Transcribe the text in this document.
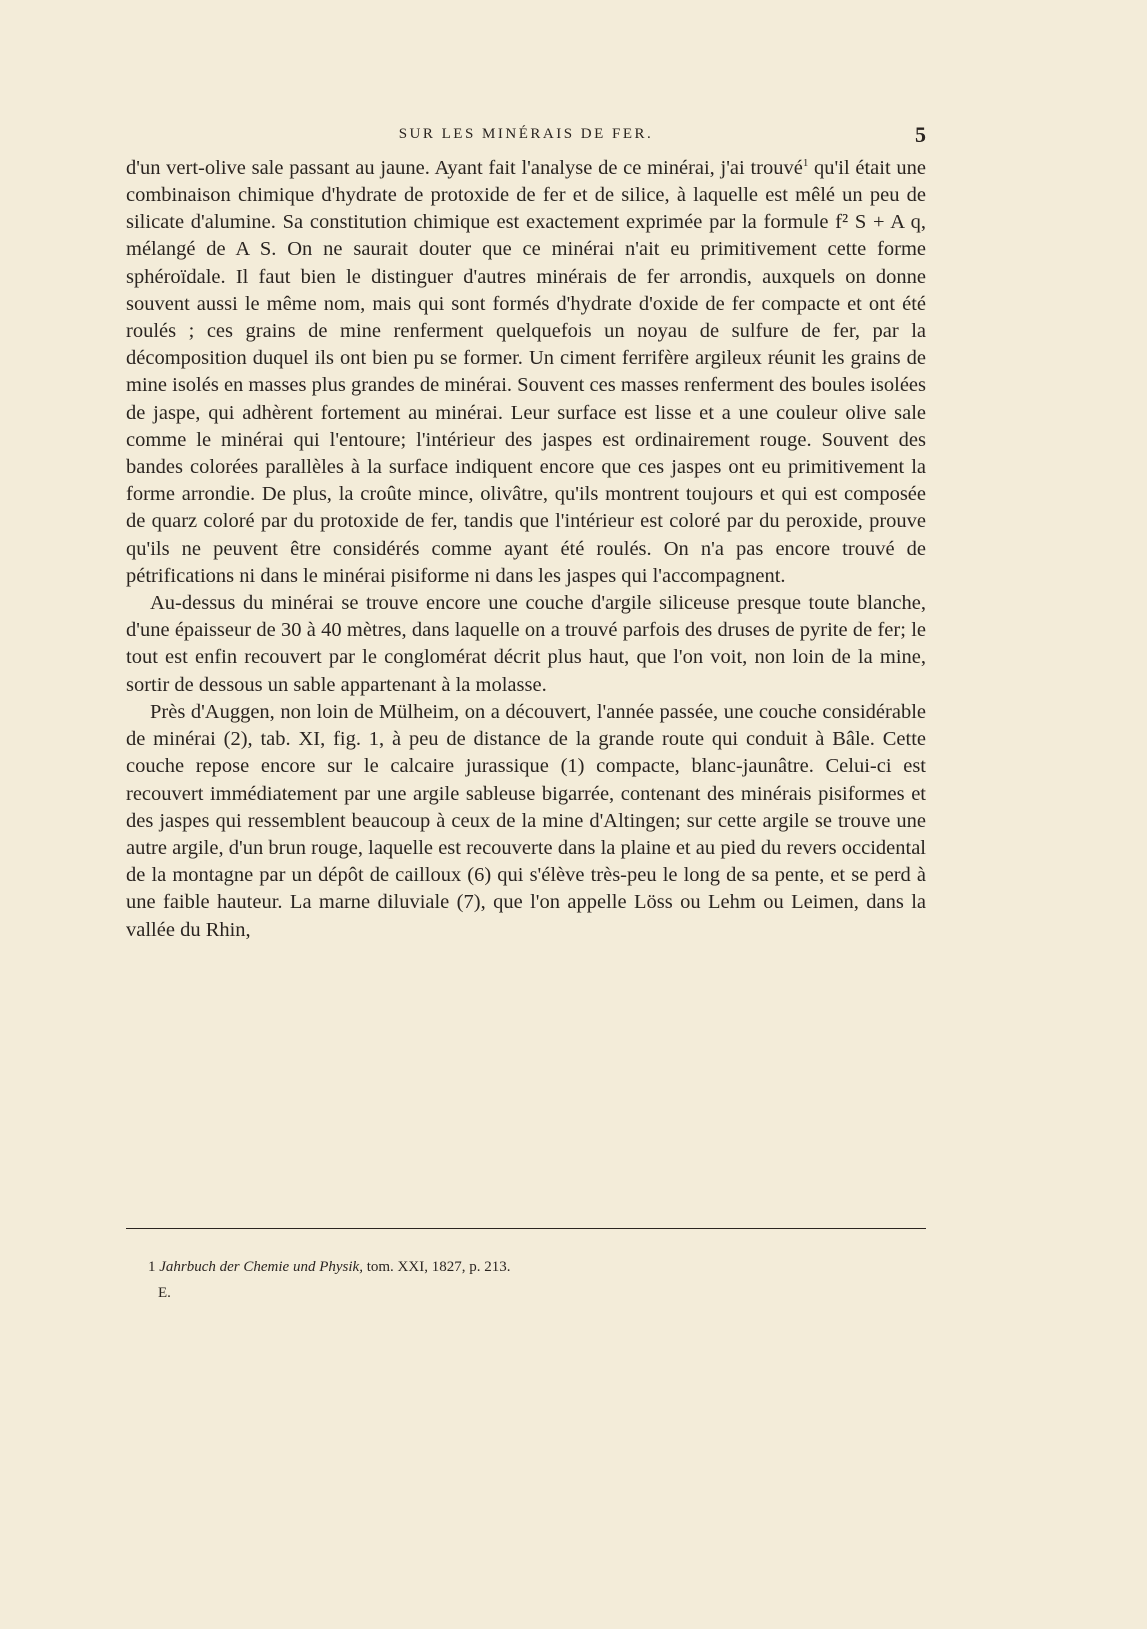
SUR LES MINÉRAIS DE FER.	5

d'un vert-olive sale passant au jaune. Ayant fait l'analyse de ce minérai, j'ai trouvé$^1$ qu'il était une combinaison chimique d'hydrate de protoxide de fer et de silice, à laquelle est mêlé un peu de silicate d'alumine. Sa constitution chimique est exactement exprimée par la formule f² S + A q, mélangé de A S. On ne saurait douter que ce minérai n'ait eu primitivement cette forme sphéroïdale. Il faut bien le distinguer d'autres minérais de fer arrondis, auxquels on donne souvent aussi le même nom, mais qui sont formés d'hydrate d'oxide de fer compacte et ont été roulés ; ces grains de mine renferment quelquefois un noyau de sulfure de fer, par la décomposition duquel ils ont bien pu se former. Un ciment ferrifère argileux réunit les grains de mine isolés en masses plus grandes de minérai. Souvent ces masses renferment des boules isolées de jaspe, qui adhèrent fortement au minérai. Leur surface est lisse et a une couleur olive sale comme le minérai qui l'entoure; l'intérieur des jaspes est ordinairement rouge. Souvent des bandes colorées parallèles à la surface indiquent encore que ces jaspes ont eu primitivement la forme arrondie. De plus, la croûte mince, olivâtre, qu'ils montrent toujours et qui est composée de quarz coloré par du protoxide de fer, tandis que l'intérieur est coloré par du peroxide, prouve qu'ils ne peuvent être considérés comme ayant été roulés. On n'a pas encore trouvé de pétrifications ni dans le minérai pisiforme ni dans les jaspes qui l'accompagnent.

Au-dessus du minérai se trouve encore une couche d'argile siliceuse presque toute blanche, d'une épaisseur de 30 à 40 mètres, dans laquelle on a trouvé parfois des druses de pyrite de fer; le tout est enfin recouvert par le conglomérat décrit plus haut, que l'on voit, non loin de la mine, sortir de dessous un sable appartenant à la molasse.

Près d'Auggen, non loin de Mülheim, on a découvert, l'année passée, une couche considérable de minérai (2), tab. XI, fig. 1, à peu de distance de la grande route qui conduit à Bâle. Cette couche repose encore sur le calcaire jurassique (1) compacte, blanc-jaunâtre. Celui-ci est recouvert immédiatement par une argile sableuse bigarrée, contenant des minérais pisiformes et des jaspes qui ressemblent beaucoup à ceux de la mine d'Altingen; sur cette argile se trouve une autre argile, d'un brun rouge, laquelle est recouverte dans la plaine et au pied du revers occidental de la montagne par un dépôt de cailloux (6) qui s'élève très-peu le long de sa pente, et se perd à une faible hauteur. La marne diluviale (7), que l'on appelle Löss ou Lehm ou Leimen, dans la vallée du Rhin,

1 Jahrbuch der Chemie und Physik, tom. XXI, 1827, p. 213.
E.
